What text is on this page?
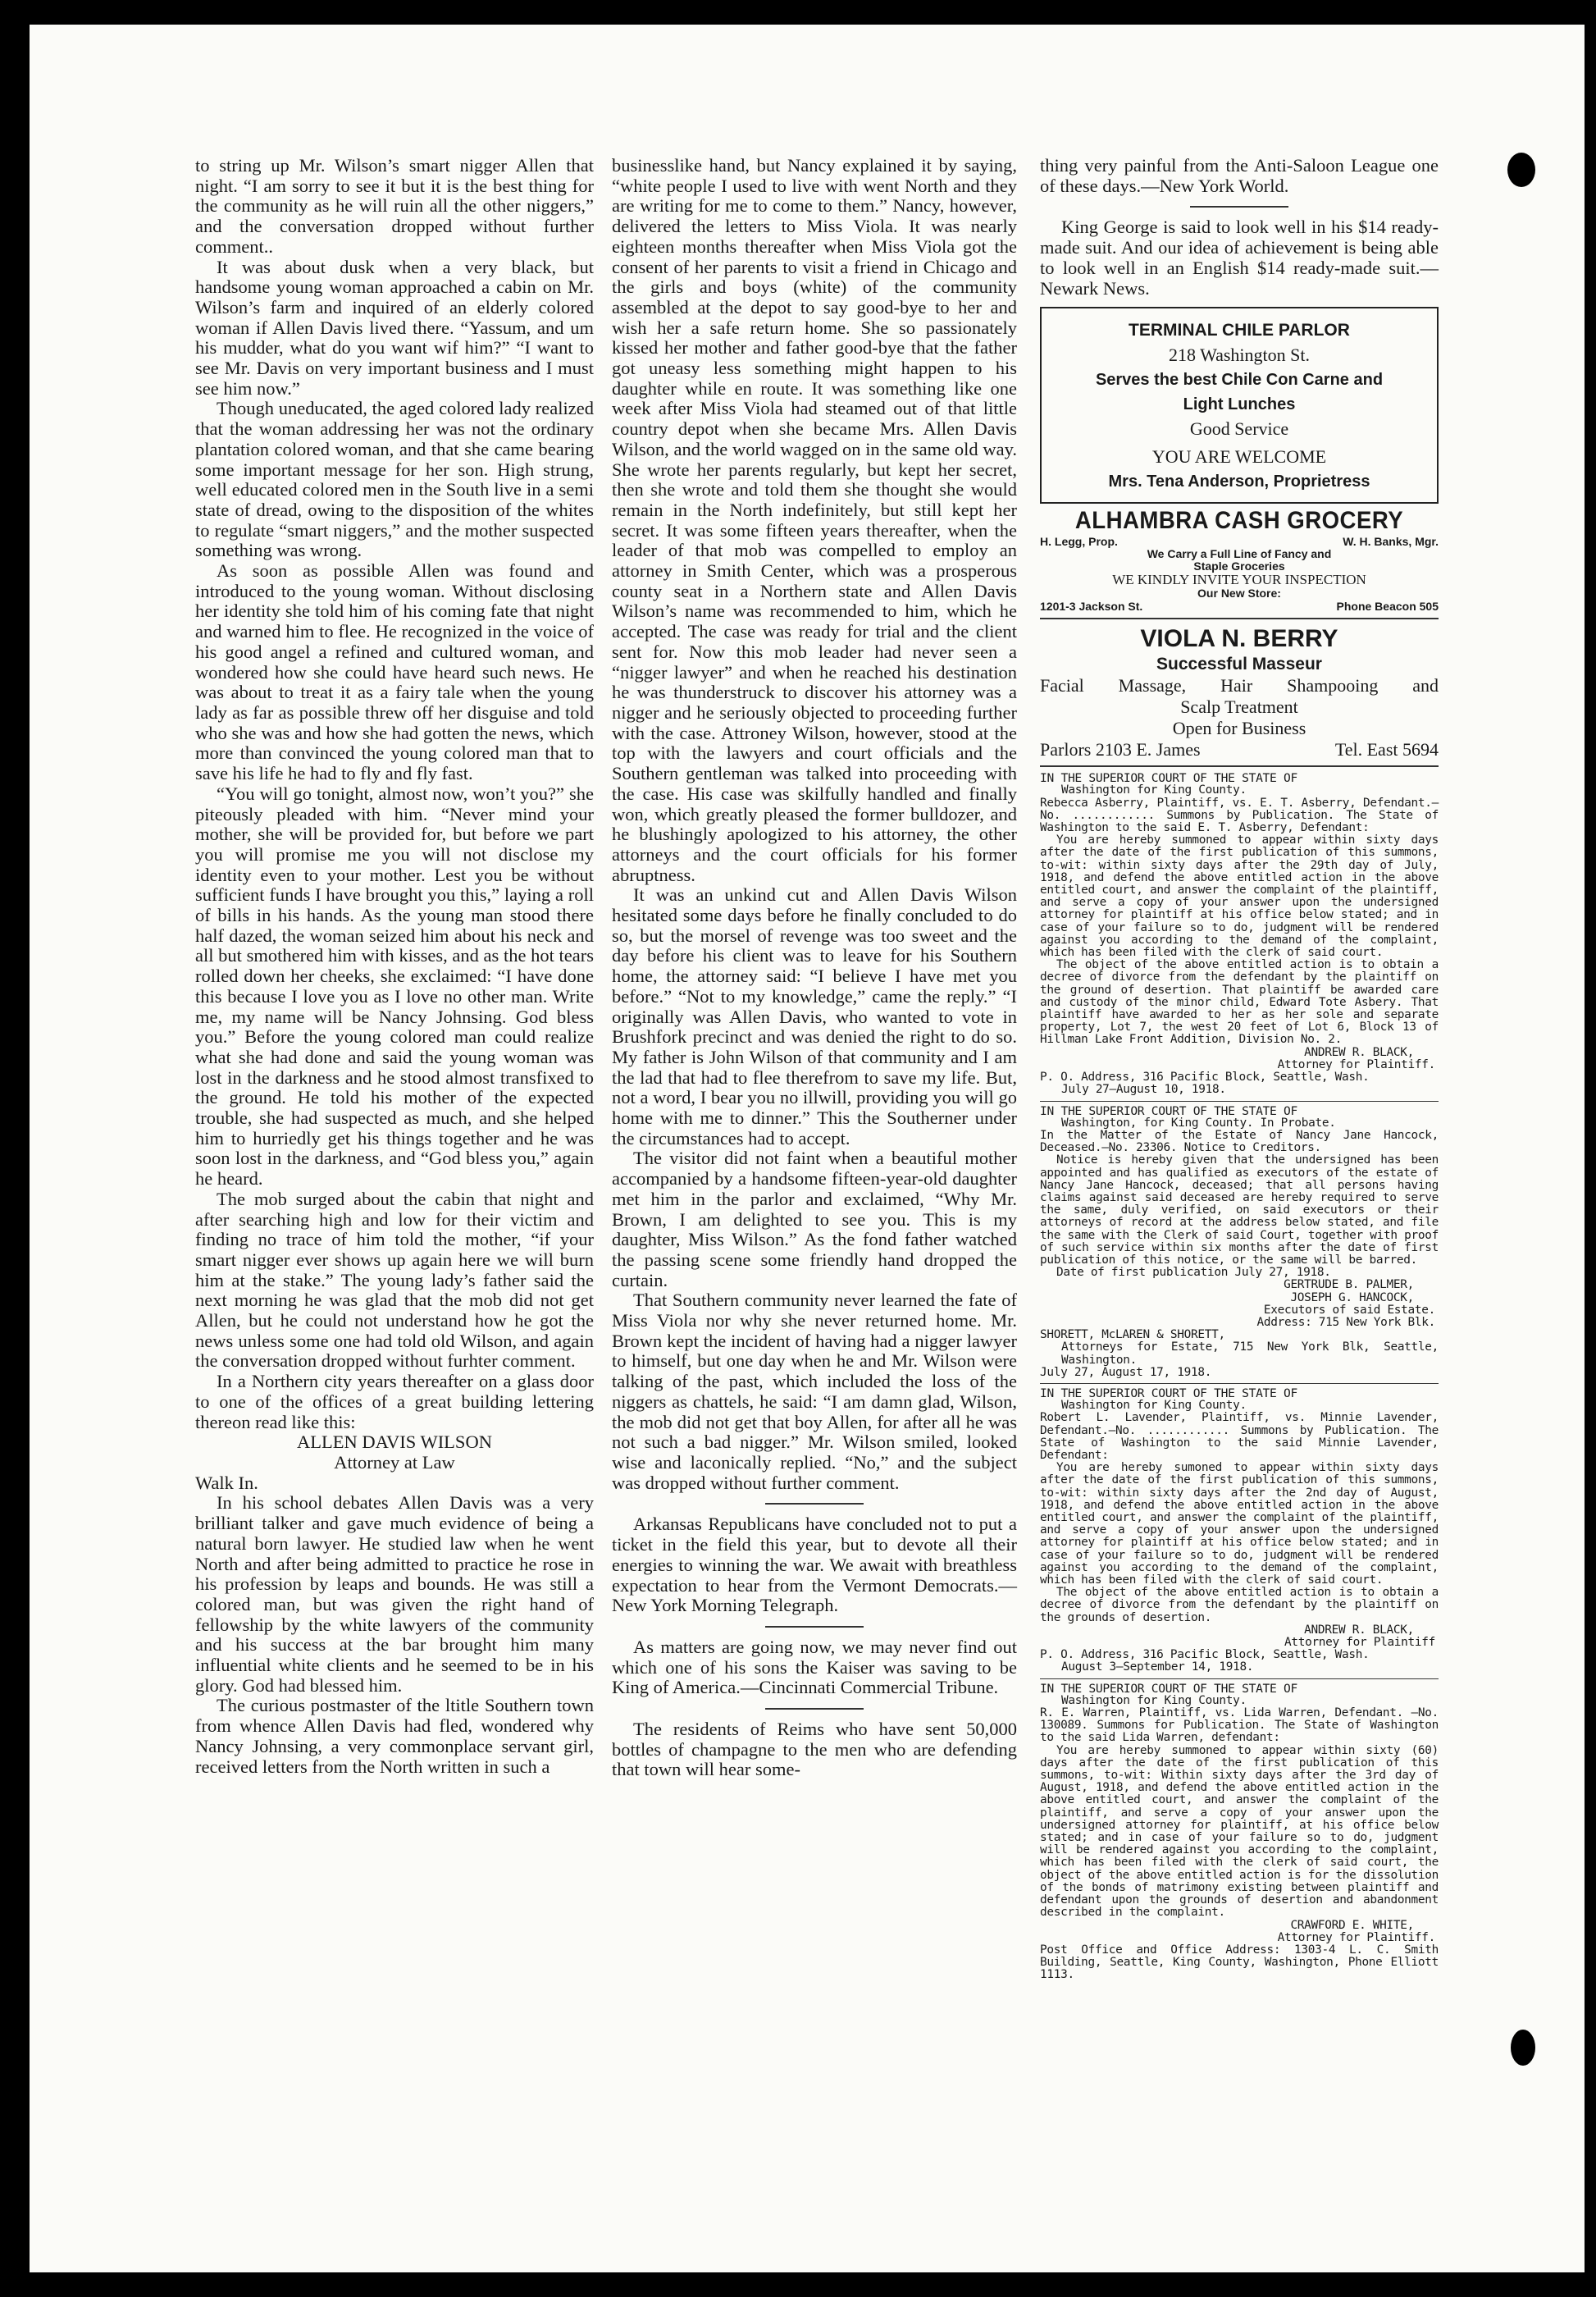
to string up Mr. Wilson’s smart nigger Allen that night. “I am sorry to see it but it is the best thing for the community as he will ruin all the other niggers,” and the conversation dropped without further comment..

It was about dusk when a very black, but handsome young woman approached a cabin on Mr. Wilson’s farm and inquired of an elderly colored woman if Allen Davis lived there. “Yassum, and um his mudder, what do you want wif him?” “I want to see Mr. Davis on very important business and I must see him now.”

Though uneducated, the aged colored lady realized that the woman addressing her was not the ordinary plantation colored woman, and that she came bearing some important message for her son. High strung, well educated colored men in the South live in a semi state of dread, owing to the disposition of the whites to regulate “smart niggers,” and the mother suspected something was wrong.

As soon as possible Allen was found and introduced to the young woman. Without disclosing her identity she told him of his coming fate that night and warned him to flee. He recognized in the voice of his good angel a refined and cultured woman, and wondered how she could have heard such news. He was about to treat it as a fairy tale when the young lady as far as possible threw off her disguise and told who she was and how she had gotten the news, which more than convinced the young colored man that to save his life he had to fly and fly fast.

“You will go tonight, almost now, won’t you?” she piteously pleaded with him. “Never mind your mother, she will be provided for, but before we part you will promise me you will not disclose my identity even to your mother. Lest you be without sufficient funds I have brought you this,” laying a roll of bills in his hands. As the young man stood there half dazed, the woman seized him about his neck and all but smothered him with kisses, and as the hot tears rolled down her cheeks, she exclaimed: “I have done this because I love you as I love no other man. Write me, my name will be Nancy Johnsing. God bless you.” Before the young colored man could realize what she had done and said the young woman was lost in the darkness and he stood almost transfixed to the ground. He told his mother of the expected trouble, she had suspected as much, and she helped him to hurriedly get his things together and he was soon lost in the darkness, and “God bless you,” again he heard.

The mob surged about the cabin that night and after searching high and low for their victim and finding no trace of him told the mother, “if your smart nigger ever shows up again here we will burn him at the stake.” The young lady’s father said the next morning he was glad that the mob did not get Allen, but he could not understand how he got the news unless some one had told old Wilson, and again the conversation dropped without furhter comment.

In a Northern city years thereafter on a glass door to one of the offices of a great building lettering thereon read like this:

ALLEN DAVIS WILSON

Attorney at Law

Walk In.

In his school debates Allen Davis was a very brilliant talker and gave much evidence of being a natural born lawyer. He studied law when he went North and after being admitted to practice he rose in his profession by leaps and bounds. He was still a colored man, but was given the right hand of fellowship by the white lawyers of the community and his success at the bar brought him many influential white clients and he seemed to be in his glory. God had blessed him.

The curious postmaster of the ltitle Southern town from whence Allen Davis had fled, wondered why Nancy Johnsing, a very commonplace servant girl, received letters from the North written in such a

businesslike hand, but Nancy explained it by saying, “white people I used to live with went North and they are writing for me to come to them.” Nancy, however, delivered the letters to Miss Viola. It was nearly eighteen months thereafter when Miss Viola got the consent of her parents to visit a friend in Chicago and the girls and boys (white) of the community assembled at the depot to say good-bye to her and wish her a safe return home. She so passionately kissed her mother and father good-bye that the father got uneasy less something might happen to his daughter while en route. It was something like one week after Miss Viola had steamed out of that little country depot when she became Mrs. Allen Davis Wilson, and the world wagged on in the same old way. She wrote her parents regularly, but kept her secret, then she wrote and told them she thought she would remain in the North indefinitely, but still kept her secret. It was some fifteen years thereafter, when the leader of that mob was compelled to employ an attorney in Smith Center, which was a prosperous county seat in a Northern state and Allen Davis Wilson’s name was recommended to him, which he accepted. The case was ready for trial and the client sent for. Now this mob leader had never seen a “nigger lawyer” and when he reached his destination he was thunderstruck to discover his attorney was a nigger and he seriously objected to proceeding further with the case. Attroney Wilson, however, stood at the top with the lawyers and court officials and the Southern gentleman was talked into proceeding with the case. His case was skilfully handled and finally won, which greatly pleased the former bulldozer, and he blushingly apologized to his attorney, the other attorneys and the court officials for his former abruptness.

It was an unkind cut and Allen Davis Wilson hesitated some days before he finally concluded to do so, but the morsel of revenge was too sweet and the day before his client was to leave for his Southern home, the attorney said: “I believe I have met you before.” “Not to my knowledge,” came the reply.” “I originally was Allen Davis, who wanted to vote in Brushfork precinct and was denied the right to do so. My father is John Wilson of that community and I am the lad that had to flee therefrom to save my life. But, not a word, I bear you no illwill, providing you will go home with me to dinner.” This the Southerner under the circumstances had to accept.

The visitor did not faint when a beautiful mother accompanied by a handsome fifteen-year-old daughter met him in the parlor and exclaimed, “Why Mr. Brown, I am delighted to see you. This is my daughter, Miss Wilson.” As the fond father watched the passing scene some friendly hand dropped the curtain.

That Southern community never learned the fate of Miss Viola nor why she never returned home. Mr. Brown kept the incident of having had a nigger lawyer to himself, but one day when he and Mr. Wilson were talking of the past, which included the loss of the niggers as chattels, he said: “I am damn glad, Wilson, the mob did not get that boy Allen, for after all he was not such a bad nigger.” Mr. Wilson smiled, looked wise and laconically replied. “No,” and the subject was dropped without further comment.

Arkansas Republicans have concluded not to put a ticket in the field this year, but to devote all their energies to winning the war. We await with breathless expectation to hear from the Vermont Democrats.—New York Morning Telegraph.

As matters are going now, we may never find out which one of his sons the Kaiser was saving to be King of America.—Cincinnati Commercial Tribune.

The residents of Reims who have sent 50,000 bottles of champagne to the men who are defending that town will hear some-

thing very painful from the Anti-Saloon League one of these days.—New York World.

King George is said to look well in his $14 ready-made suit. And our idea of achievement is being able to look well in an English $14 ready-made suit.—Newark News.

TERMINAL CHILE PARLOR
218 Washington St.
Serves the best Chile Con Carne and
Light Lunches
Good Service
YOU ARE WELCOME
Mrs. Tena Anderson, Proprietress
ALHAMBRA CASH GROCERY
H. Legg, Prop.	W. H. Banks, Mgr.
We Carry a Full Line of Fancy and
Staple Groceries
WE KINDLY INVITE YOUR INSPECTION
Our New Store:
1201-3 Jackson St.	Phone Beacon 505
VIOLA N. BERRY
Successful Masseur
Facial Massage, Hair Shampooing and
Scalp Treatment
Open for Business
Parlors 2103 E. James	Tel. East 5694

IN THE SUPERIOR COURT OF THE STATE OF

Washington for King County.

Rebecca Asberry, Plaintiff, vs. E. T. Asberry, Defendant.—No. ............ Summons by Publication. The State of Washington to the said E. T. Asberry, Defendant:

You are hereby summoned to appear within sixty days after the date of the first publication of this summons, to-wit: within sixty days after the 29th day of July, 1918, and defend the above entitled action in the above entitled court, and answer the complaint of the plaintiff, and serve a copy of your answer upon the undersigned attorney for plaintiff at his office below stated; and in case of your failure so to do, judgment will be rendered against you according to the demand of the complaint, which has been filed with the clerk of said court.

The object of the above entitled action is to obtain a decree of divorce from the defendant by the plaintiff on the ground of desertion. That plaintiff be awarded care and custody of the minor child, Edward Tote Asbery. That plaintiff have awarded to her as her sole and separate property, Lot 7, the west 20 feet of Lot 6, Block 13 of Hillman Lake Front Addition, Division No. 2.

ANDREW R. BLACK,

Attorney for Plaintiff.

P. O. Address, 316 Pacific Block, Seattle, Wash.

July 27—August 10, 1918.

IN THE SUPERIOR COURT OF THE STATE OF

Washington, for King County. In Probate.

In the Matter of the Estate of Nancy Jane Hancock, Deceased.—No. 23306. Notice to Creditors.

Notice is hereby given that the undersigned has been appointed and has qualified as executors of the estate of Nancy Jane Hancock, deceased; that all persons having claims against said deceased are hereby required to serve the same, duly verified, on said executors or their attorneys of record at the address below stated, and file the same with the Clerk of said Court, together with proof of such service within six months after the date of first publication of this notice, or the same will be barred.

Date of first publication July 27, 1918.

GERTRUDE B. PALMER,

JOSEPH G. HANCOCK,

Executors of said Estate.

Address: 715 New York Blk.

SHORETT, McLAREN & SHORETT,

Attorneys for Estate, 715 New York Blk, Seattle, Washington.

July 27, August 17, 1918.

IN THE SUPERIOR COURT OF THE STATE OF

Washington for King County.

Robert L. Lavender, Plaintiff, vs. Minnie Lavender, Defendant.—No. ............ Summons by Publication. The State of Washington to the said Minnie Lavender, Defendant:

You are hereby sumoned to appear within sixty days after the date of the first publication of this summons, to-wit: within sixty days after the 2nd day of August, 1918, and defend the above entitled action in the above entitled court, and answer the complaint of the plaintiff, and serve a copy of your answer upon the undersigned attorney for plaintiff at his office below stated; and in case of your failure so to do, judgment will be rendered against you according to the demand of the complaint, which has been filed with the clerk of said court.

The object of the above entitled action is to obtain a decree of divorce from the defendant by the plaintiff on the grounds of desertion.

ANDREW R. BLACK,

Attorney for Plaintiff

P. O. Address, 316 Pacific Block, Seattle, Wash.

August 3—September 14, 1918.

IN THE SUPERIOR COURT OF THE STATE OF

Washington for King County.

R. E. Warren, Plaintiff, vs. Lida Warren, Defendant. —No. 130089. Summons for Publication. The State of Washington to the said Lida Warren, defendant:

You are hereby summoned to appear within sixty (60) days after the date of the first publication of this summons, to-wit: Within sixty days after the 3rd day of August, 1918, and defend the above entitled action in the above entitled court, and answer the complaint of the plaintiff, and serve a copy of your answer upon the undersigned attorney for plaintiff, at his office below stated; and in case of your failure so to do, judgment will be rendered against you according to the complaint, which has been filed with the clerk of said court, the object of the above entitled action is for the dissolution of the bonds of matrimony existing between plaintiff and defendant upon the grounds of desertion and abandonment described in the complaint.

CRAWFORD E. WHITE,

Attorney for Plaintiff.

Post Office and Office Address: 1303-4 L. C. Smith Building, Seattle, King County, Washington, Phone Elliott 1113.
